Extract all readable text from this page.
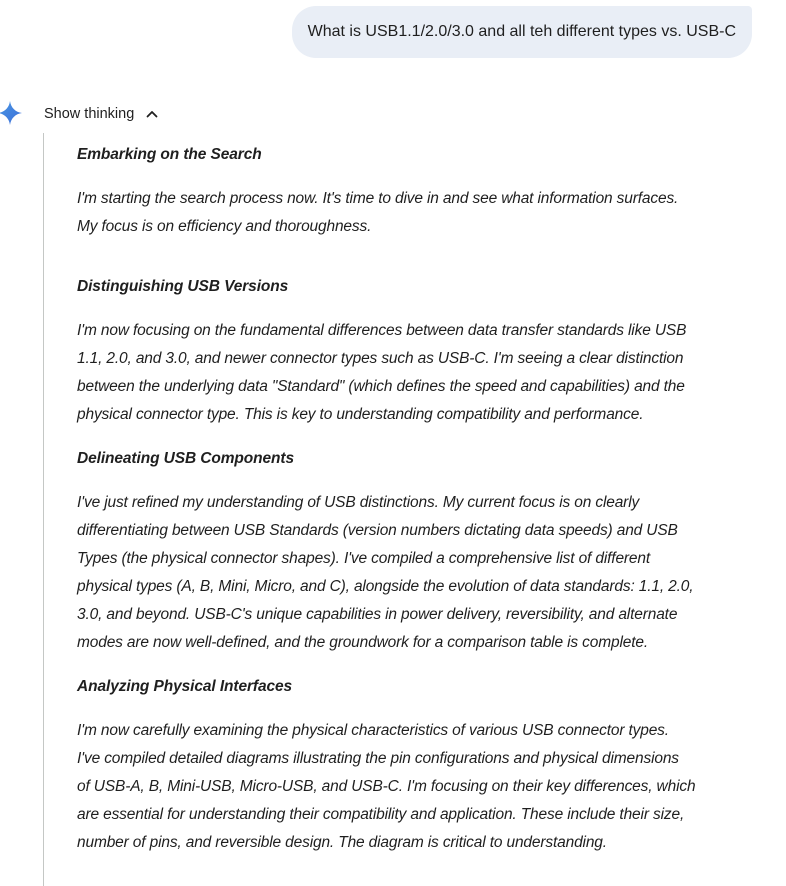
What is USB1.1/2.0/3.0 and all teh different types vs. USB-C
Show thinking

Embarking on the Search

I'm starting the search process now. It's time to dive in and see what information surfaces.
My focus is on efficiency and thoroughness.

Distinguishing USB Versions

I'm now focusing on the fundamental differences between data transfer standards like USB
1.1, 2.0, and 3.0, and newer connector types such as USB-C. I'm seeing a clear distinction
between the underlying data "Standard" (which defines the speed and capabilities) and the
physical connector type. This is key to understanding compatibility and performance.

Delineating USB Components

I've just refined my understanding of USB distinctions. My current focus is on clearly
differentiating between USB Standards (version numbers dictating data speeds) and USB
Types (the physical connector shapes). I've compiled a comprehensive list of different
physical types (A, B, Mini, Micro, and C), alongside the evolution of data standards: 1.1, 2.0,
3.0, and beyond. USB-C's unique capabilities in power delivery, reversibility, and alternate
modes are now well-defined, and the groundwork for a comparison table is complete.

Analyzing Physical Interfaces

I'm now carefully examining the physical characteristics of various USB connector types.
I've compiled detailed diagrams illustrating the pin configurations and physical dimensions
of USB-A, B, Mini-USB, Micro-USB, and USB-C. I'm focusing on their key differences, which
are essential for understanding their compatibility and application. These include their size,
number of pins, and reversible design. The diagram is critical to understanding.
